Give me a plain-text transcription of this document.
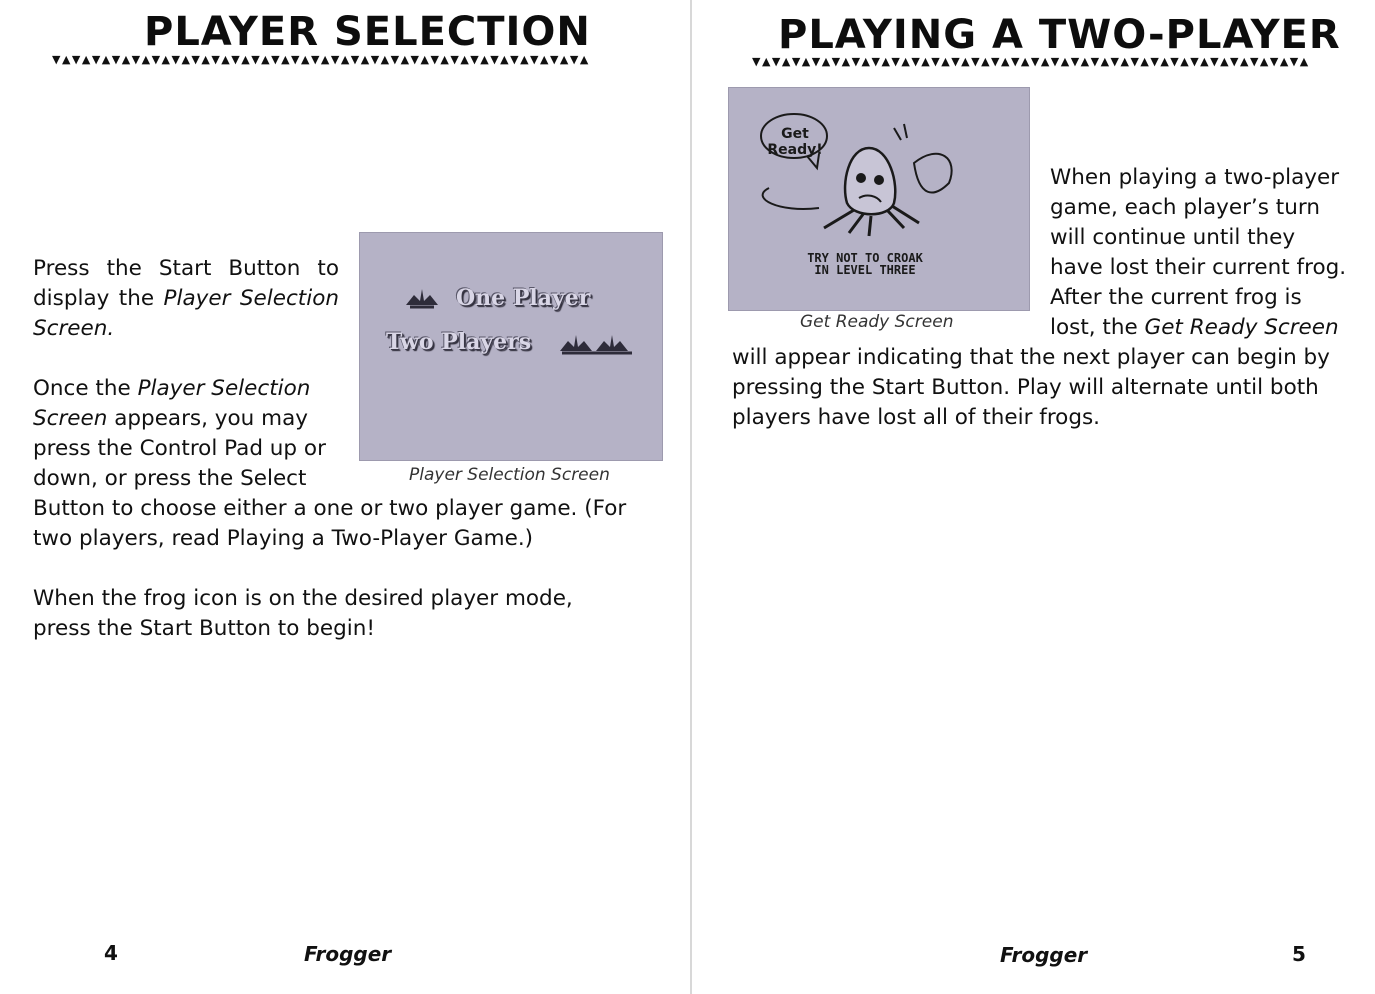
PLAYER SELECTION
▼▲▼▲▼▲▼▲▼▲▼▲▼▲▼▲▼▲▼▲▼▲▼▲▼▲▼▲▼▲▼▲▼▲▼▲▼▲▼▲▼▲▼▲▼▲▼▲▼▲▼▲▼▲

Press the Start Button to display the Player Selection Screen.

Once the Player Selection Screen appears, you may press the Control Pad up or down, or press the Select Button to choose either a one or two player game. (For two players, read Playing a Two-Player Game.)

When the frog icon is on the desired player mode, press the Start Button to begin!

One Player
Two Players
Player Selection Screen
4	Frogger
PLAYING A TWO-PLAYER
▼▲▼▲▼▲▼▲▼▲▼▲▼▲▼▲▼▲▼▲▼▲▼▲▼▲▼▲▼▲▼▲▼▲▼▲▼▲▼▲▼▲▼▲▼▲▼▲▼▲▼▲▼▲▼▲
Get Ready!
TRY NOT TO CROAK
IN LEVEL THREE
Get Ready Screen

When playing a two-player game, each player’s turn will continue until they have lost their current frog. After the current frog is lost, the Get Ready Screen will appear indicating that the next player can begin by pressing the Start Button. Play will alternate until both players have lost all of their frogs.

Frogger	5
